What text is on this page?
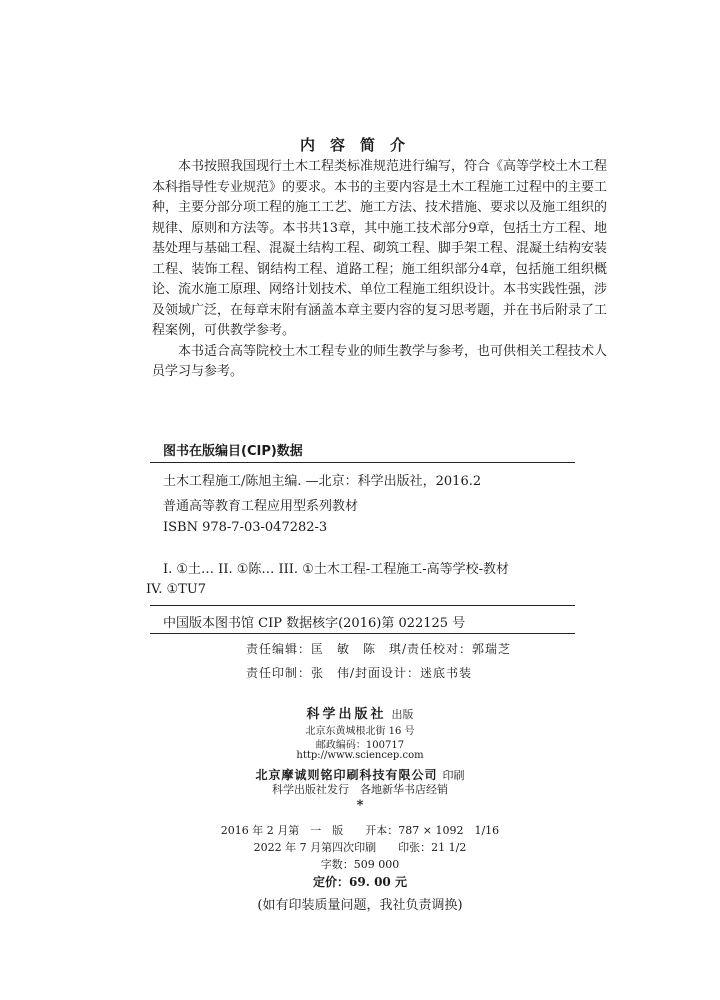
内容简介

本书按照我国现行土木工程类标准规范进行编写，符合《高等学校土木工程本科指导性专业规范》的要求。本书的主要内容是土木工程施工过程中的主要工种，主要分部分项工程的施工工艺、施工方法、技术措施、要求以及施工组织的规律、原则和方法等。本书共13章，其中施工技术部分9章，包括土方工程、地基处理与基础工程、混凝土结构工程、砌筑工程、脚手架工程、混凝土结构安装工程、装饰工程、钢结构工程、道路工程；施工组织部分4章，包括施工组织概论、流水施工原理、网络计划技术、单位工程施工组织设计。本书实践性强，涉及领域广泛，在每章末附有涵盖本章主要内容的复习思考题，并在书后附录了工程案例，可供教学参考。

本书适合高等院校土木工程专业的师生教学与参考，也可供相关工程技术人员学习与参考。

图书在版编目(CIP)数据
土木工程施工/陈旭主编. —北京：科学出版社，2016.2
普通高等教育工程应用型系列教材
ISBN 978-7-03-047282-3
I. ①土… II. ①陈… III. ①土木工程-工程施工-高等学校-教材
IV. ①TU7
中国版本图书馆 CIP 数据核字(2016)第 022125 号
责任编辑：匡　敏　陈　琪/责任校对：郭瑞芝
责任印制：张　伟/封面设计：迷底书装
科学出版社 出版
北京东黄城根北街 16 号
邮政编码：100717
http://www.sciencep.com
北京摩诚则铭印刷科技有限公司 印刷
科学出版社发行　各地新华书店经销
*
2016 年 2 月第　一　版　　开本：787 × 1092　1/16
2022 年 7 月第四次印刷　　印张：21 1/2
字数：509 000
定价：69. 00 元
(如有印装质量问题，我社负责调换)
